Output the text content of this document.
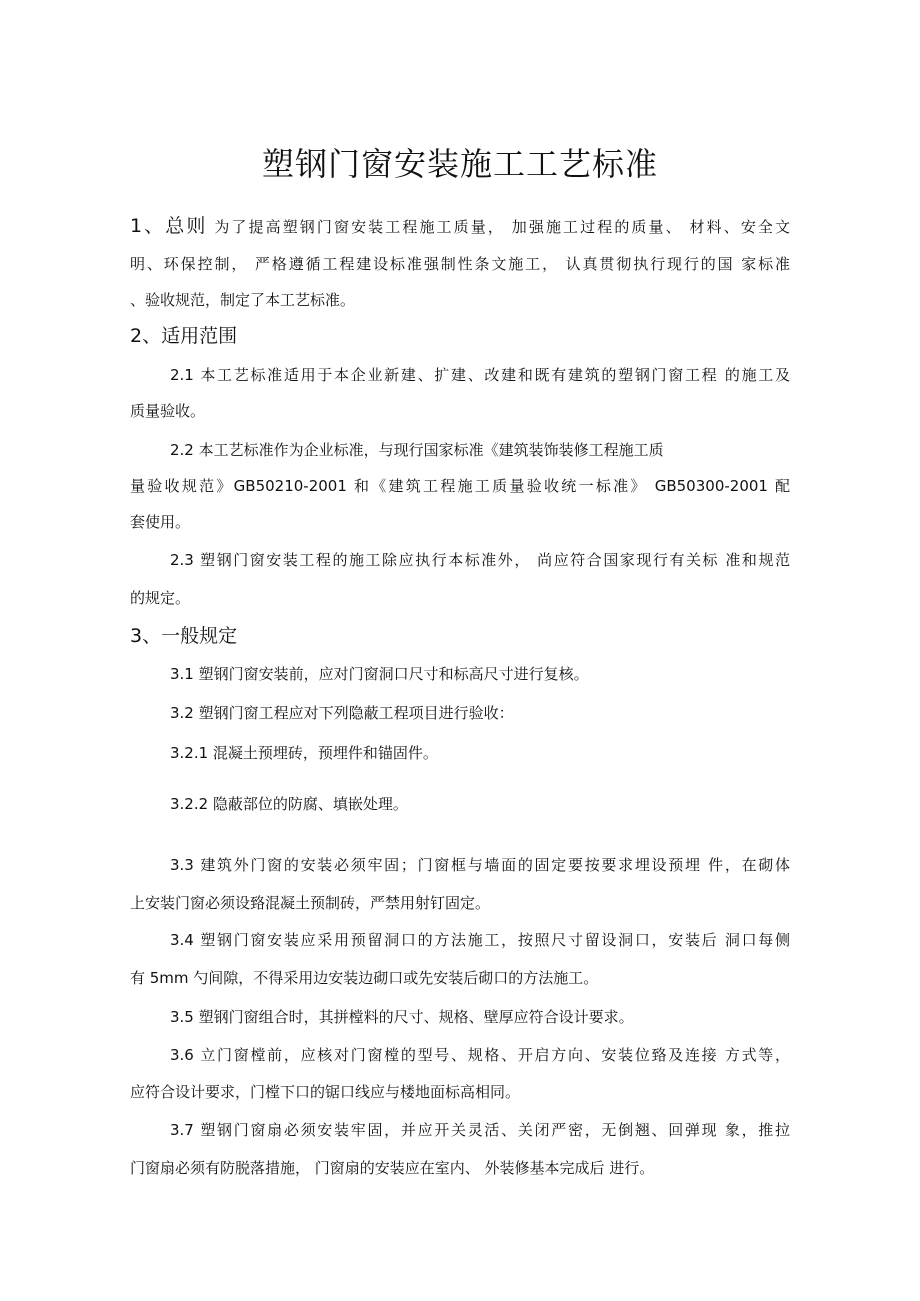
塑钢门窗安装施工工艺标准
1、总则 为了提高塑钢门窗安装工程施工质量， 加强施工过程的质量、 材料、安全文
明、环保控制， 严格遵循工程建设标准强制性条文施工， 认真贯彻执行现行的国 家标准
、验收规范，制定了本工艺标准。
2、适用范围
2.1 本工艺标准适用于本企业新建、扩建、改建和既有建筑的塑钢门窗工程 的施工及
质量验收。
2.2 本工艺标准作为企业标准，与现行国家标准《建筑装饰装修工程施工质
量验收规范》GB50210-2001 和《建筑工程施工质量验收统一标准》 GB50300-2001 配
套使用。
2.3 塑钢门窗安装工程的施工除应执行本标准外， 尚应符合国家现行有关标 准和规范
的规定。
3、一般规定
3.1 塑钢门窗安装前，应对门窗洞口尺寸和标高尺寸进行复核。
3.2 塑钢门窗工程应对下列隐蔽工程项目进行验收：
3.2.1 混凝土预埋砖，预埋件和锚固件。
3.2.2 隐蔽部位的防腐、填嵌处理。
3.3 建筑外门窗的安装必须牢固；门窗框与墙面的固定要按要求埋设预埋 件，在砌体
上安装门窗必须设臵混凝土预制砖，严禁用射钉固定。
3.4 塑钢门窗安装应采用预留洞口的方法施工，按照尺寸留设洞口，安装后 洞口每侧
有 5mm 勺间隙，不得采用边安装边砌口或先安装后砌口的方法施工。
3.5 塑钢门窗组合时，其拼樘料的尺寸、规格、壁厚应符合设计要求。
3.6 立门窗樘前，应核对门窗樘的型号、规格、开启方向、安装位臵及连接 方式等，
应符合设计要求，门樘下口的锯口线应与楼地面标高相同。
3.7 塑钢门窗扇必须安装牢固，并应开关灵活、关闭严密，无倒翘、回弹现 象，推拉
门窗扇必须有防脱落措施， 门窗扇的安装应在室内、 外装修基本完成后 进行。
